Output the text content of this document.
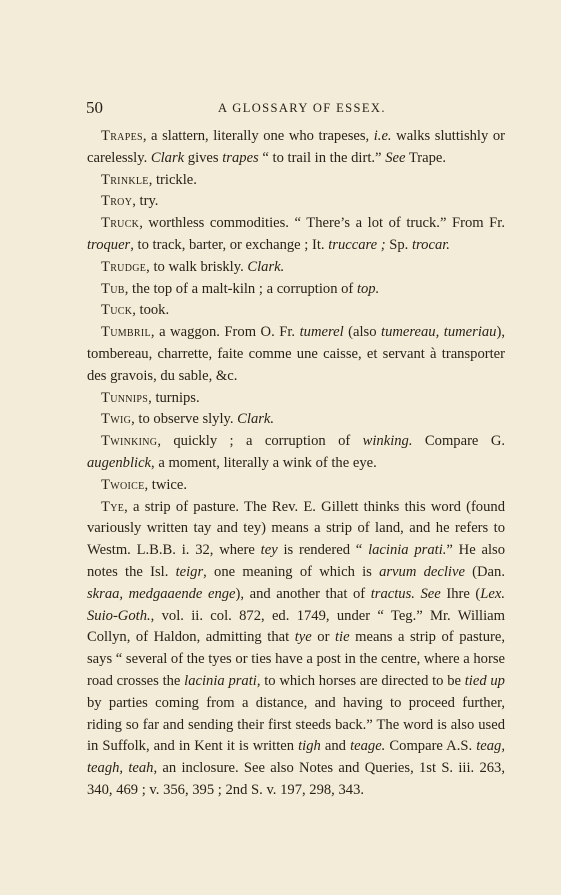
50	A GLOSSARY OF ESSEX.

Trapes, a slattern, literally one who trapeses, i.e. walks sluttishly or carelessly. Clark gives trapes “ to trail in the dirt.” See Trape.

Trinkle, trickle.

Troy, try.

Truck, worthless commodities. “ There’s a lot of truck.” From Fr. troquer, to track, barter, or exchange ; It. truccare ; Sp. trocar.

Trudge, to walk briskly. Clark.

Tub, the top of a malt-kiln ; a corruption of top.

Tuck, took.

Tumbril, a waggon. From O. Fr. tumerel (also tumereau, tumeriau), tombereau, charrette, faite comme une caisse, et servant à transporter des gravois, du sable, &c.

Tunnips, turnips.

Twig, to observe slyly. Clark.

Twinking, quickly ; a corruption of winking. Compare G. augenblick, a moment, literally a wink of the eye.

Twoice, twice.

Tye, a strip of pasture. The Rev. E. Gillett thinks this word (found variously written tay and tey) means a strip of land, and he refers to Westm. L.B.B. i. 32, where tey is rendered “ lacinia prati.” He also notes the Isl. teigr, one meaning of which is arvum declive (Dan. skraa, medgaaende enge), and another that of tractus. See Ihre (Lex. Suio-Goth., vol. ii. col. 872, ed. 1749, under “ Teg.” Mr. William Collyn, of Haldon, admitting that tye or tie means a strip of pasture, says “ several of the tyes or ties have a post in the centre, where a horse road crosses the lacinia prati, to which horses are directed to be tied up by parties coming from a distance, and having to proceed further, riding so far and sending their first steeds back.” The word is also used in Suffolk, and in Kent it is written tigh and teage. Compare A.S. teag, teagh, teah, an inclosure. See also Notes and Queries, 1st S. iii. 263, 340, 469 ; v. 356, 395 ; 2nd S. v. 197, 298, 343.
